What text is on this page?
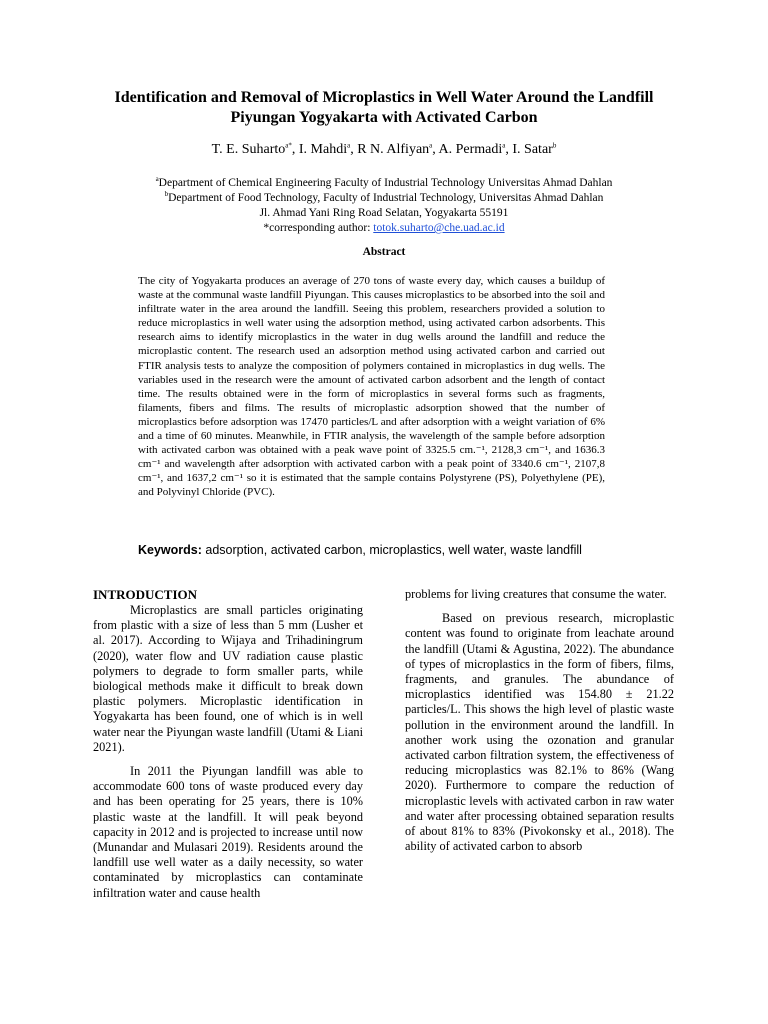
Identification and Removal of Microplastics in Well Water Around the Landfill Piyungan Yogyakarta with Activated Carbon
T. E. Suharto$^{a*}$, I. Mahdi$^a$, R N. Alfiyan$^a$, A. Permadi$^a$, I. Satar$^b$
$^a$Department of Chemical Engineering Faculty of Industrial Technology Universitas Ahmad Dahlan
$^b$Department of Food Technology, Faculty of Industrial Technology, Universitas Ahmad Dahlan
Jl. Ahmad Yani Ring Road Selatan, Yogyakarta 55191
*corresponding author: totok.suharto@che.uad.ac.id
Abstract

The city of Yogyakarta produces an average of 270 tons of waste every day, which causes a buildup of waste at the communal waste landfill Piyungan. This causes microplastics to be absorbed into the soil and infiltrate water in the area around the landfill. Seeing this problem, researchers provided a solution to reduce microplastics in well water using the adsorption method, using activated carbon adsorbents. This research aims to identify microplastics in the water in dug wells around the landfill and reduce the microplastic content. The research used an adsorption method using activated carbon and carried out FTIR analysis tests to analyze the composition of polymers contained in microplastics in dug wells. The variables used in the research were the amount of activated carbon adsorbent and the length of contact time. The results obtained were in the form of microplastics in several forms such as fragments, filaments, fibers and films. The results of microplastic adsorption showed that the number of microplastics before adsorption was 17470 particles/L and after adsorption with a weight variation of 6% and a time of 60 minutes. Meanwhile, in FTIR analysis, the wavelength of the sample before adsorption with activated carbon was obtained with a peak wave point of 3325.5 cm.⁻¹, 2128,3 cm⁻¹, and 1636.3 cm⁻¹ and wavelength after adsorption with activated carbon with a peak point of 3340.6 cm⁻¹, 2107,8 cm⁻¹, and 1637,2 cm⁻¹ so it is estimated that the sample contains Polystyrene (PS), Polyethylene (PE), and Polyvinyl Chloride (PVC).

Keywords: adsorption, activated carbon, microplastics, well water, waste landfill

INTRODUCTION

Microplastics are small particles originating from plastic with a size of less than 5 mm (Lusher et al. 2017). According to Wijaya and Trihadiningrum (2020), water flow and UV radiation cause plastic polymers to degrade to form smaller parts, while biological methods make it difficult to break down plastic polymers. Microplastic identification in Yogyakarta has been found, one of which is in well water near the Piyungan waste landfill (Utami & Liani 2021).

In 2011 the Piyungan landfill was able to accommodate 600 tons of waste produced every day and has been operating for 25 years, there is 10% plastic waste at the landfill. It will peak beyond capacity in 2012 and is projected to increase until now (Munandar and Mulasari 2019). Residents around the landfill use well water as a daily necessity, so water contaminated by microplastics can contaminate infiltration water and cause health

problems for living creatures that consume the water.

Based on previous research, microplastic content was found to originate from leachate around the landfill (Utami & Agustina, 2022). The abundance of types of microplastics in the form of fibers, films, fragments, and granules. The abundance of microplastics identified was 154.80 ± 21.22 particles/L. This shows the high level of plastic waste pollution in the environment around the landfill. In another work using the ozonation and granular activated carbon filtration system, the effectiveness of reducing microplastics was 82.1% to 86% (Wang 2020). Furthermore to compare the reduction of microplastic levels with activated carbon in raw water and water after processing obtained separation results of about 81% to 83% (Pivokonsky et al., 2018). The ability of activated carbon to absorb
